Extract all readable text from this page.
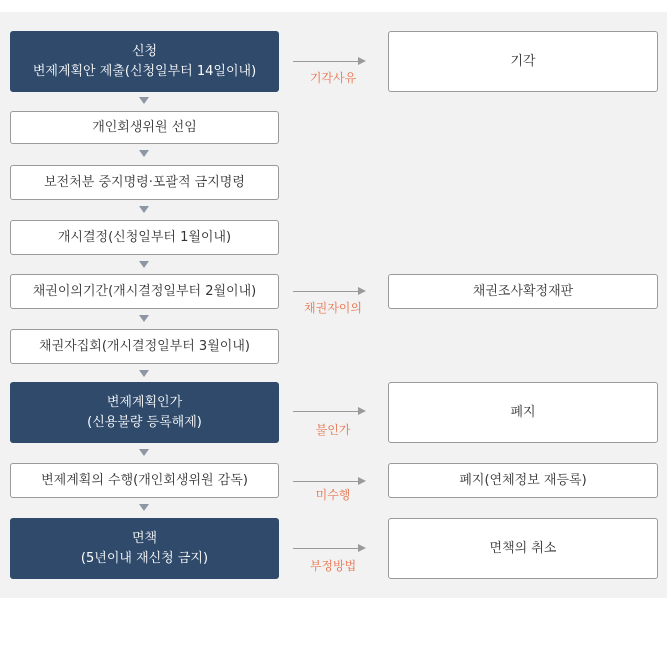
신청
변제계획안 제출(신청일부터 14일이내)
개인회생위원 선임
보전처분 중지명령·포괄적 금지명령
개시결정(신청일부터 1월이내)
채권이의기간(개시결정일부터 2월이내)
채권자집회(개시결정일부터 3월이내)
변제계획인가
(신용불량 등록해제)
변제계획의 수행(개인회생위원 감독)
면책
(5년이내 재신청 금지)
기각사유
기각
채권자이의
채권조사확정재판
불인가
폐지
미수행
폐지(연체정보 재등록)
부정방법
면책의 취소
